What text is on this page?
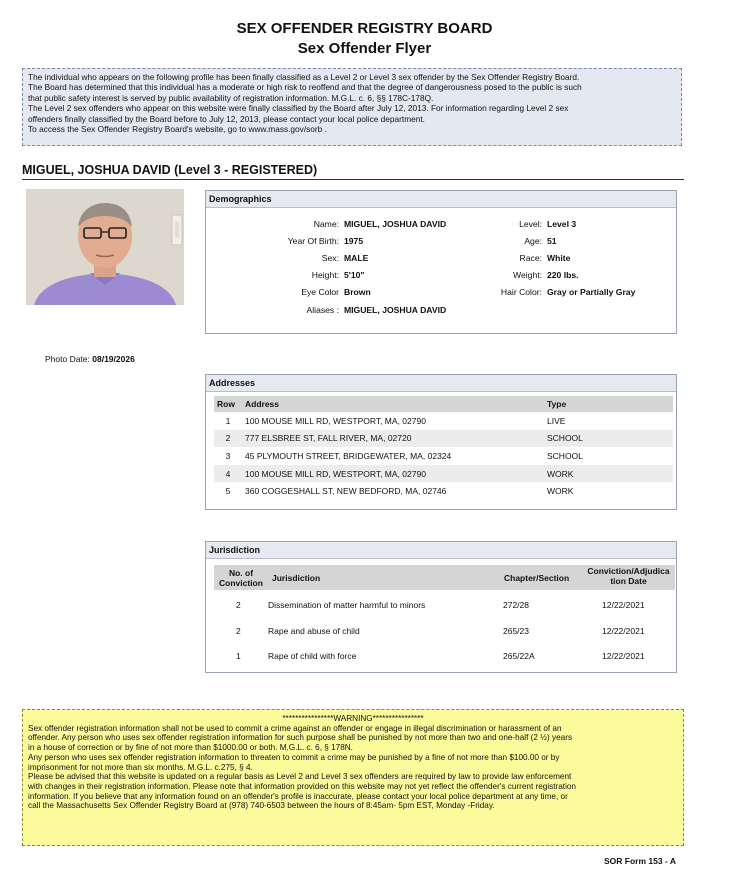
SEX OFFENDER REGISTRY BOARD
Sex Offender Flyer
The individual who appears on the following profile has been finally classified as a Level 2 or Level 3 sex offender by the Sex Offender Registry Board.
The Board has determined that this individual has a moderate or high risk to reoffend and that the degree of dangerousness posed to the public is such
that public safety interest is served by public availability of registration information. M.G.L. c. 6, §§ 178C-178Q.
The Level 2 sex offenders who appear on this website were finally classified by the Board after July 12, 2013. For information regarding Level 2 sex
offenders finally classified by the Board before to July 12, 2013, please contact your local police department.
To access the Sex Offender Registry Board's website, go to www.mass.gov/sorb .
MIGUEL, JOSHUA DAVID (Level 3 - REGISTERED)
Photo Date: 08/19/2026
Demographics
Name: MIGUEL, JOSHUA DAVID
Year Of Birth: 1975
Sex: MALE
Height: 5'10"
Eye Color Brown
Aliases : MIGUEL, JOSHUA DAVID
Level: Level 3
Age: 51
Race: White
Weight: 220 lbs.
Hair Color: Gray or Partially Gray
Addresses
Row	Address	Type
1	100 MOUSE MILL RD, WESTPORT, MA, 02790	LIVE
2	777 ELSBREE ST, FALL RIVER, MA, 02720	SCHOOL
3	45 PLYMOUTH STREET, BRIDGEWATER, MA, 02324	SCHOOL
4	100 MOUSE MILL RD, WESTPORT, MA, 02790	WORK
5	360 COGGESHALL ST, NEW BEDFORD, MA, 02746	WORK
Jurisdiction
No. of
Conviction	Jurisdiction	Chapter/Section
Conviction/Adjudica
tion Date
2	Dissemination of matter harmful to minors	272/28	12/22/2021
2	Rape and abuse of child	265/23	12/22/2021
1	Rape of child with force	265/22A	12/22/2021
****************WARNING****************
Sex offender registration information shall not be used to commit a crime against an offender or engage in illegal discrimination or harassment of an
offender. Any person who uses sex offender registration information for such purpose shall be punished by not more than two and one-half (2 ½) years
in a house of correction or by fine of not more than $1000.00 or both. M.G.L. c. 6, § 178N.
Any person who uses sex offender registration information to threaten to commit a crime may be punished by a fine of not more than $100.00 or by
imprisonment for not more than six months. M.G.L. c.275, § 4.
Please be advised that this website is updated on a regular basis as Level 2 and Level 3 sex offenders are required by law to provide law enforcement
with changes in their registration information. Please note that information provided on this website may not yet reflect the offender's current registration
information. If you believe that any information found on an offender's profile is inaccurate, please contact your local police department at any time, or
call the Massachusetts Sex Offender Registry Board at (978) 740-6503 between the hours of 8:45am- 5pm EST, Monday -Friday.
SOR Form 153 - A
